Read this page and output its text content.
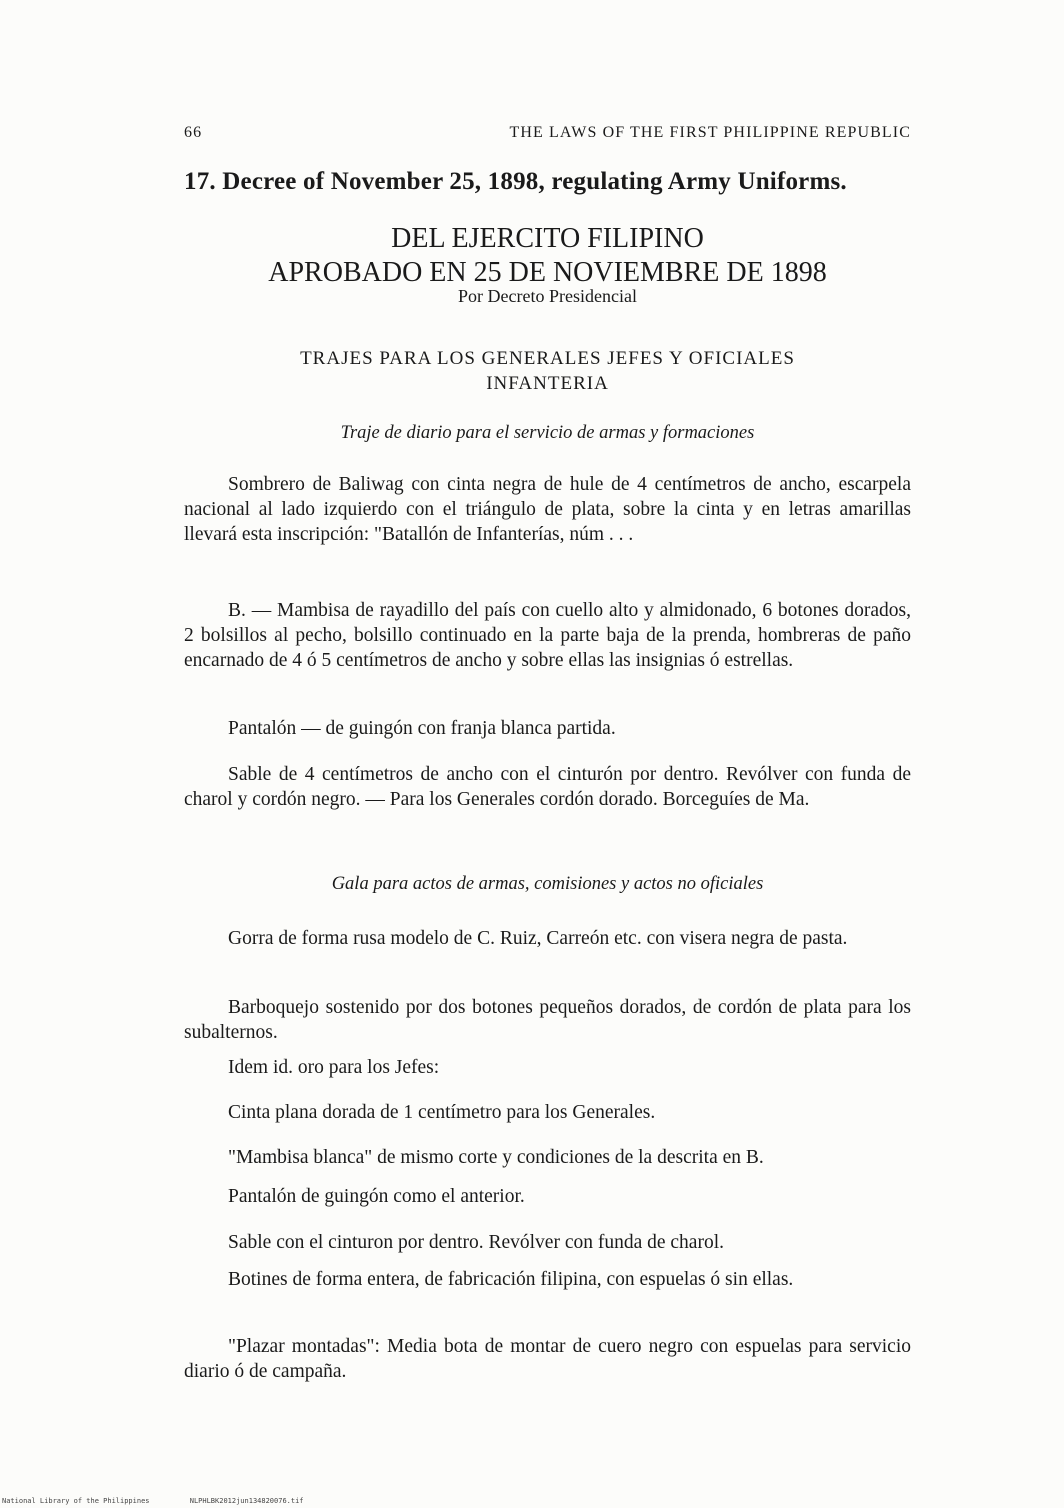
66	THE LAWS OF THE FIRST PHILIPPINE REPUBLIC
17. Decree of November 25, 1898, regulating Army Uniforms.
DEL EJERCITO FILIPINO
APROBADO EN 25 DE NOVIEMBRE DE 1898
Por Decreto Presidencial
TRAJES PARA LOS GENERALES JEFES Y OFICIALES
INFANTERIA
Traje de diario para el servicio de armas y formaciones

Sombrero de Baliwag con cinta negra de hule de 4 centímetros de ancho, escarpela nacional al lado izquierdo con el triángulo de plata, sobre la cinta y en letras amarillas llevará esta inscripción: "Batallón de Infanterías, núm . . .

B. — Mambisa de rayadillo del país con cuello alto y almidonado, 6 botones dorados, 2 bolsillos al pecho, bolsillo continuado en la parte baja de la prenda, hombreras de paño encarnado de 4 ó 5 centímetros de ancho y sobre ellas las insignias ó estrellas.

Pantalón — de guingón con franja blanca partida.

Sable de 4 centímetros de ancho con el cinturón por dentro. Revólver con funda de charol y cordón negro. — Para los Generales cordón dorado. Borceguíes de Ma.

Gala para actos de armas, comisiones y actos no oficiales

Gorra de forma rusa modelo de C. Ruiz, Carreón etc. con visera negra de pasta.

Barboquejo sostenido por dos botones pequeños dorados, de cordón de plata para los subalternos.

Idem id. oro para los Jefes:

Cinta plana dorada de 1 centímetro para los Generales.

"Mambisa blanca" de mismo corte y condiciones de la descrita en B.

Pantalón de guingón como el anterior.

Sable con el cinturon por dentro. Revólver con funda de charol.

Botines de forma entera, de fabricación filipina, con espuelas ó sin ellas.

"Plazar montadas": Media bota de montar de cuero negro con espuelas para servicio diario ó de campaña.

National Library of the Philippines	NLPHLBK2012jun134820076.tif
